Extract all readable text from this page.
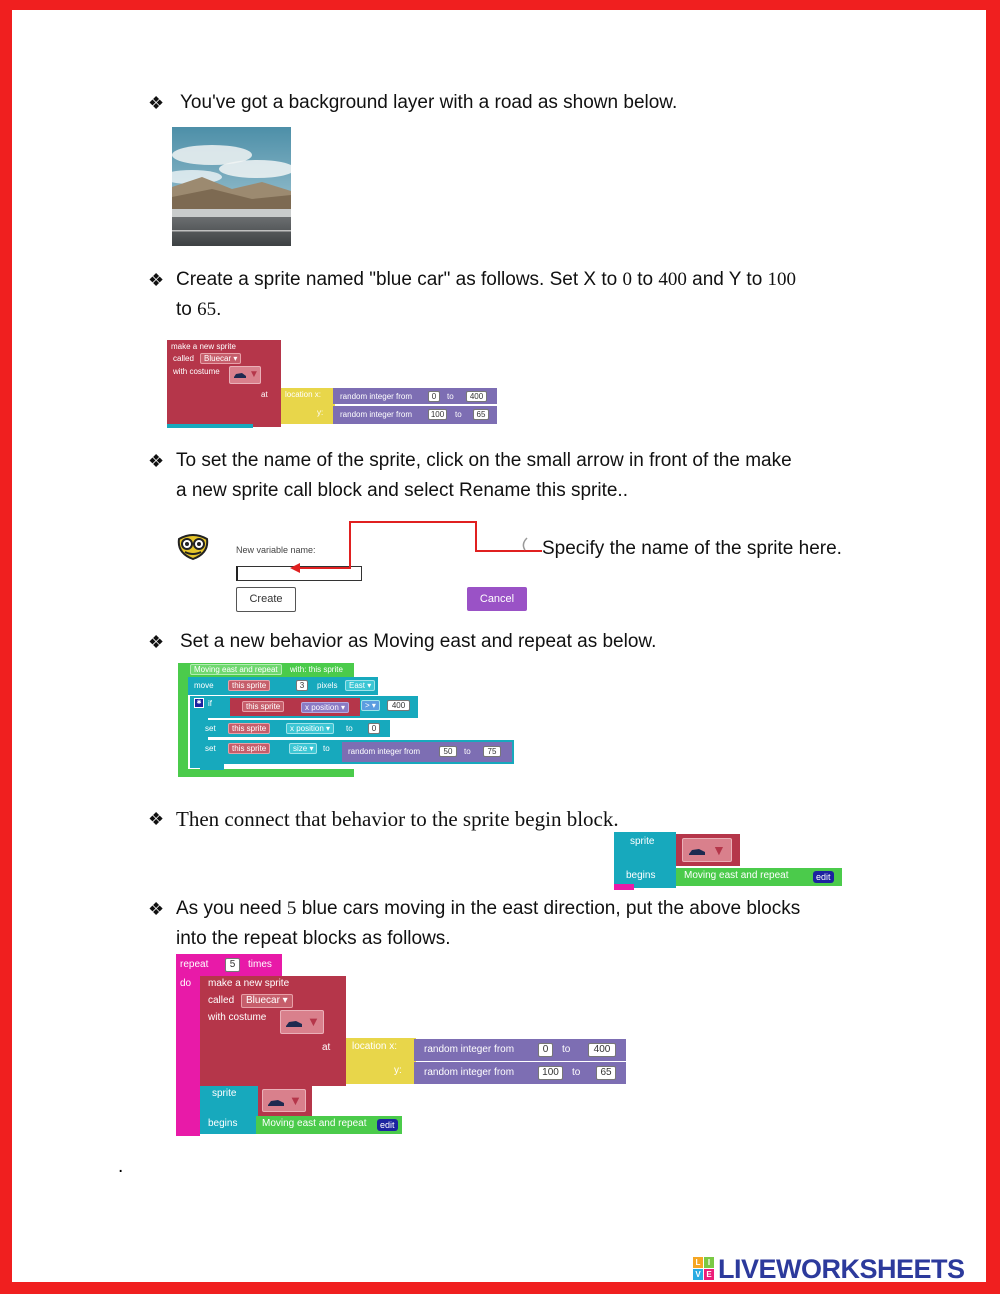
❖ You've got a background layer with a road as shown below.
❖ Create a sprite named "blue car" as follows. Set X to 0 to 400 and Y to 100
to 65.
make a new sprite
called	Bluecar ▾
with costume	▼
at location x:
y:
random integer from	0	to	400
random integer from	100	to	65
❖ To set the name of the sprite, click on the small arrow in front of the make
a new sprite call block and select Rename this sprite..
New variable name:
Create	Cancel
Specify the name of the sprite here.
❖ Set a new behavior as Moving east and repeat as below.
Moving east and repeat	with: this sprite
move	this sprite	3	pixels	East ▾
✱ if	this sprite	x position ▾	> ▾	400
set	this sprite	x position ▾	to	0
set	this sprite	size ▾	to random integer from	50	to	75
❖ Then connect that behavior to the sprite begin block.
sprite
begins
▼
Moving east and repeat	edit
❖ As you need 5 blue cars moving in the east direction, put the above blocks
into the repeat blocks as follows.
repeat	5	times
do make a new sprite
called	Bluecar ▾
with costume	▼
at location x:
y:
random integer from	0	to	400
random integer from	100	to	65
sprite
begins
▼
Moving east and repeat	edit
.
L I
V E LIVEWORKSHEETS
